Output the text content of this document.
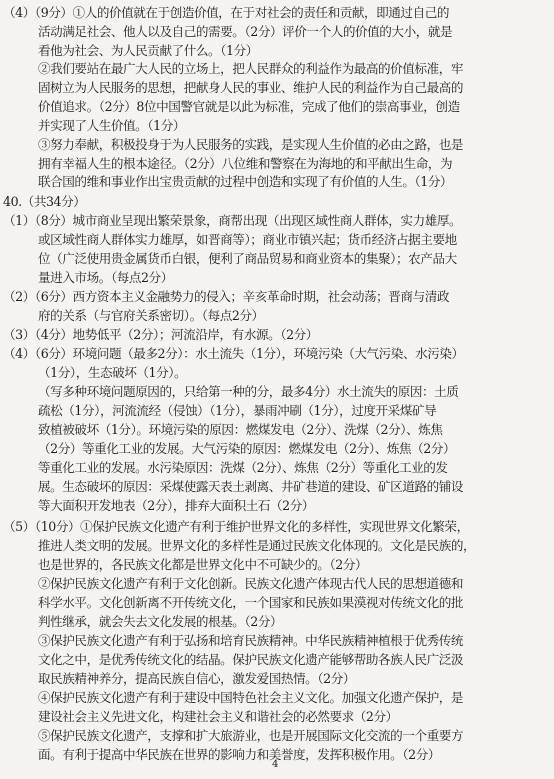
（4）（9分）①人的价值就在于创造价值，在于对社会的责任和贡献，即通过自己的
活动满足社会、他人以及自己的需要。（2分）评价一个人的价值的大小，就是
看他为社会、为人民贡献了什么。（1分）
②我们要站在最广大人民的立场上，把人民群众的利益作为最高的价值标准，牢
固树立为人民服务的思想，把献身人民的事业、维护人民的利益作为自己最高的
价值追求。（2分）8位中国警官就是以此为标准，完成了他们的崇高事业，创造
并实现了人生价值。（1分）
③努力奉献，积极投身于为人民服务的实践，是实现人生价值的必由之路，也是
拥有幸福人生的根本途径。（2分）八位维和警察在为海地的和平献出生命，为
联合国的维和事业作出宝贵贡献的过程中创造和实现了有价值的人生。（1分）
40.（共34分）
（1）（8分）城市商业呈现出繁荣景象，商帮出现（出现区域性商人群体，实力雄厚。
或区域性商人群体实力雄厚，如晋商等）；商业市镇兴起；货币经济占据主要地
位（广泛使用贵金属货币白银，便利了商品贸易和商业资本的集聚）；农产品大
量进入市场。（每点2分）
（2）（6分）西方资本主义金融势力的侵入；辛亥革命时期，社会动荡；晋商与清政
府的关系（与官府关系密切）。（每点2分）
（3）（4分）地势低平（2分）；河流沿岸，有水源。（2分）
（4）（6分）环境问题（最多2分）：水土流失（1分），环境污染（大气污染、水污染）
（1分），生态破坏（1分）。
（写多种环境问题原因的，只给第一种的分，最多4分）水土流失的原因：土质
疏松（1分），河流流经（侵蚀）（1分），暴雨冲刷（1分），过度开采煤矿导
致植被破坏（1分）。环境污染的原因：燃煤发电（2分）、洗煤（2分）、炼焦
（2分）等重化工业的发展。大气污染的原因：燃煤发电（2分）、炼焦（2分）
等重化工业的发展。水污染原因：洗煤（2分）、炼焦（2分）等重化工业的发
展。生态破坏的原因：采煤使露天表土剥离、井矿巷道的建设、矿区道路的铺设
等大面积开发地表（2分），排弃大面积土石（2分）
（5）（10分）①保护民族文化遗产有利于维护世界文化的多样性，实现世界文化繁荣，
推进人类文明的发展。世界文化的多样性是通过民族文化体现的。文化是民族的，
也是世界的，各民族文化都是世界文化中不可缺少的。（2分）
②保护民族文化遗产有利于文化创新。民族文化遗产体现古代人民的思想道德和
科学水平。文化创新离不开传统文化，一个国家和民族如果漠视对传统文化的批
判性继承，就会失去文化发展的根基。（2分）
③保护民族文化遗产有利于弘扬和培育民族精神。中华民族精神植根于优秀传统
文化之中，是优秀传统文化的结晶。保护民族文化遗产能够帮助各族人民广泛汲
取民族精神养分，提高民族自信心，激发爱国热情。（2分）
④保护民族文化遗产有利于建设中国特色社会主义文化。加强文化遗产保护，是
建设社会主义先进文化，构建社会主义和谐社会的必然要求（2分）
⑤保护民族文化遗产，支撑和扩大旅游业，也是开展国际文化交流的一个重要方
面。有利于提高中华民族在世界的影响力和美誉度，发挥积极作用。（2分）
4
